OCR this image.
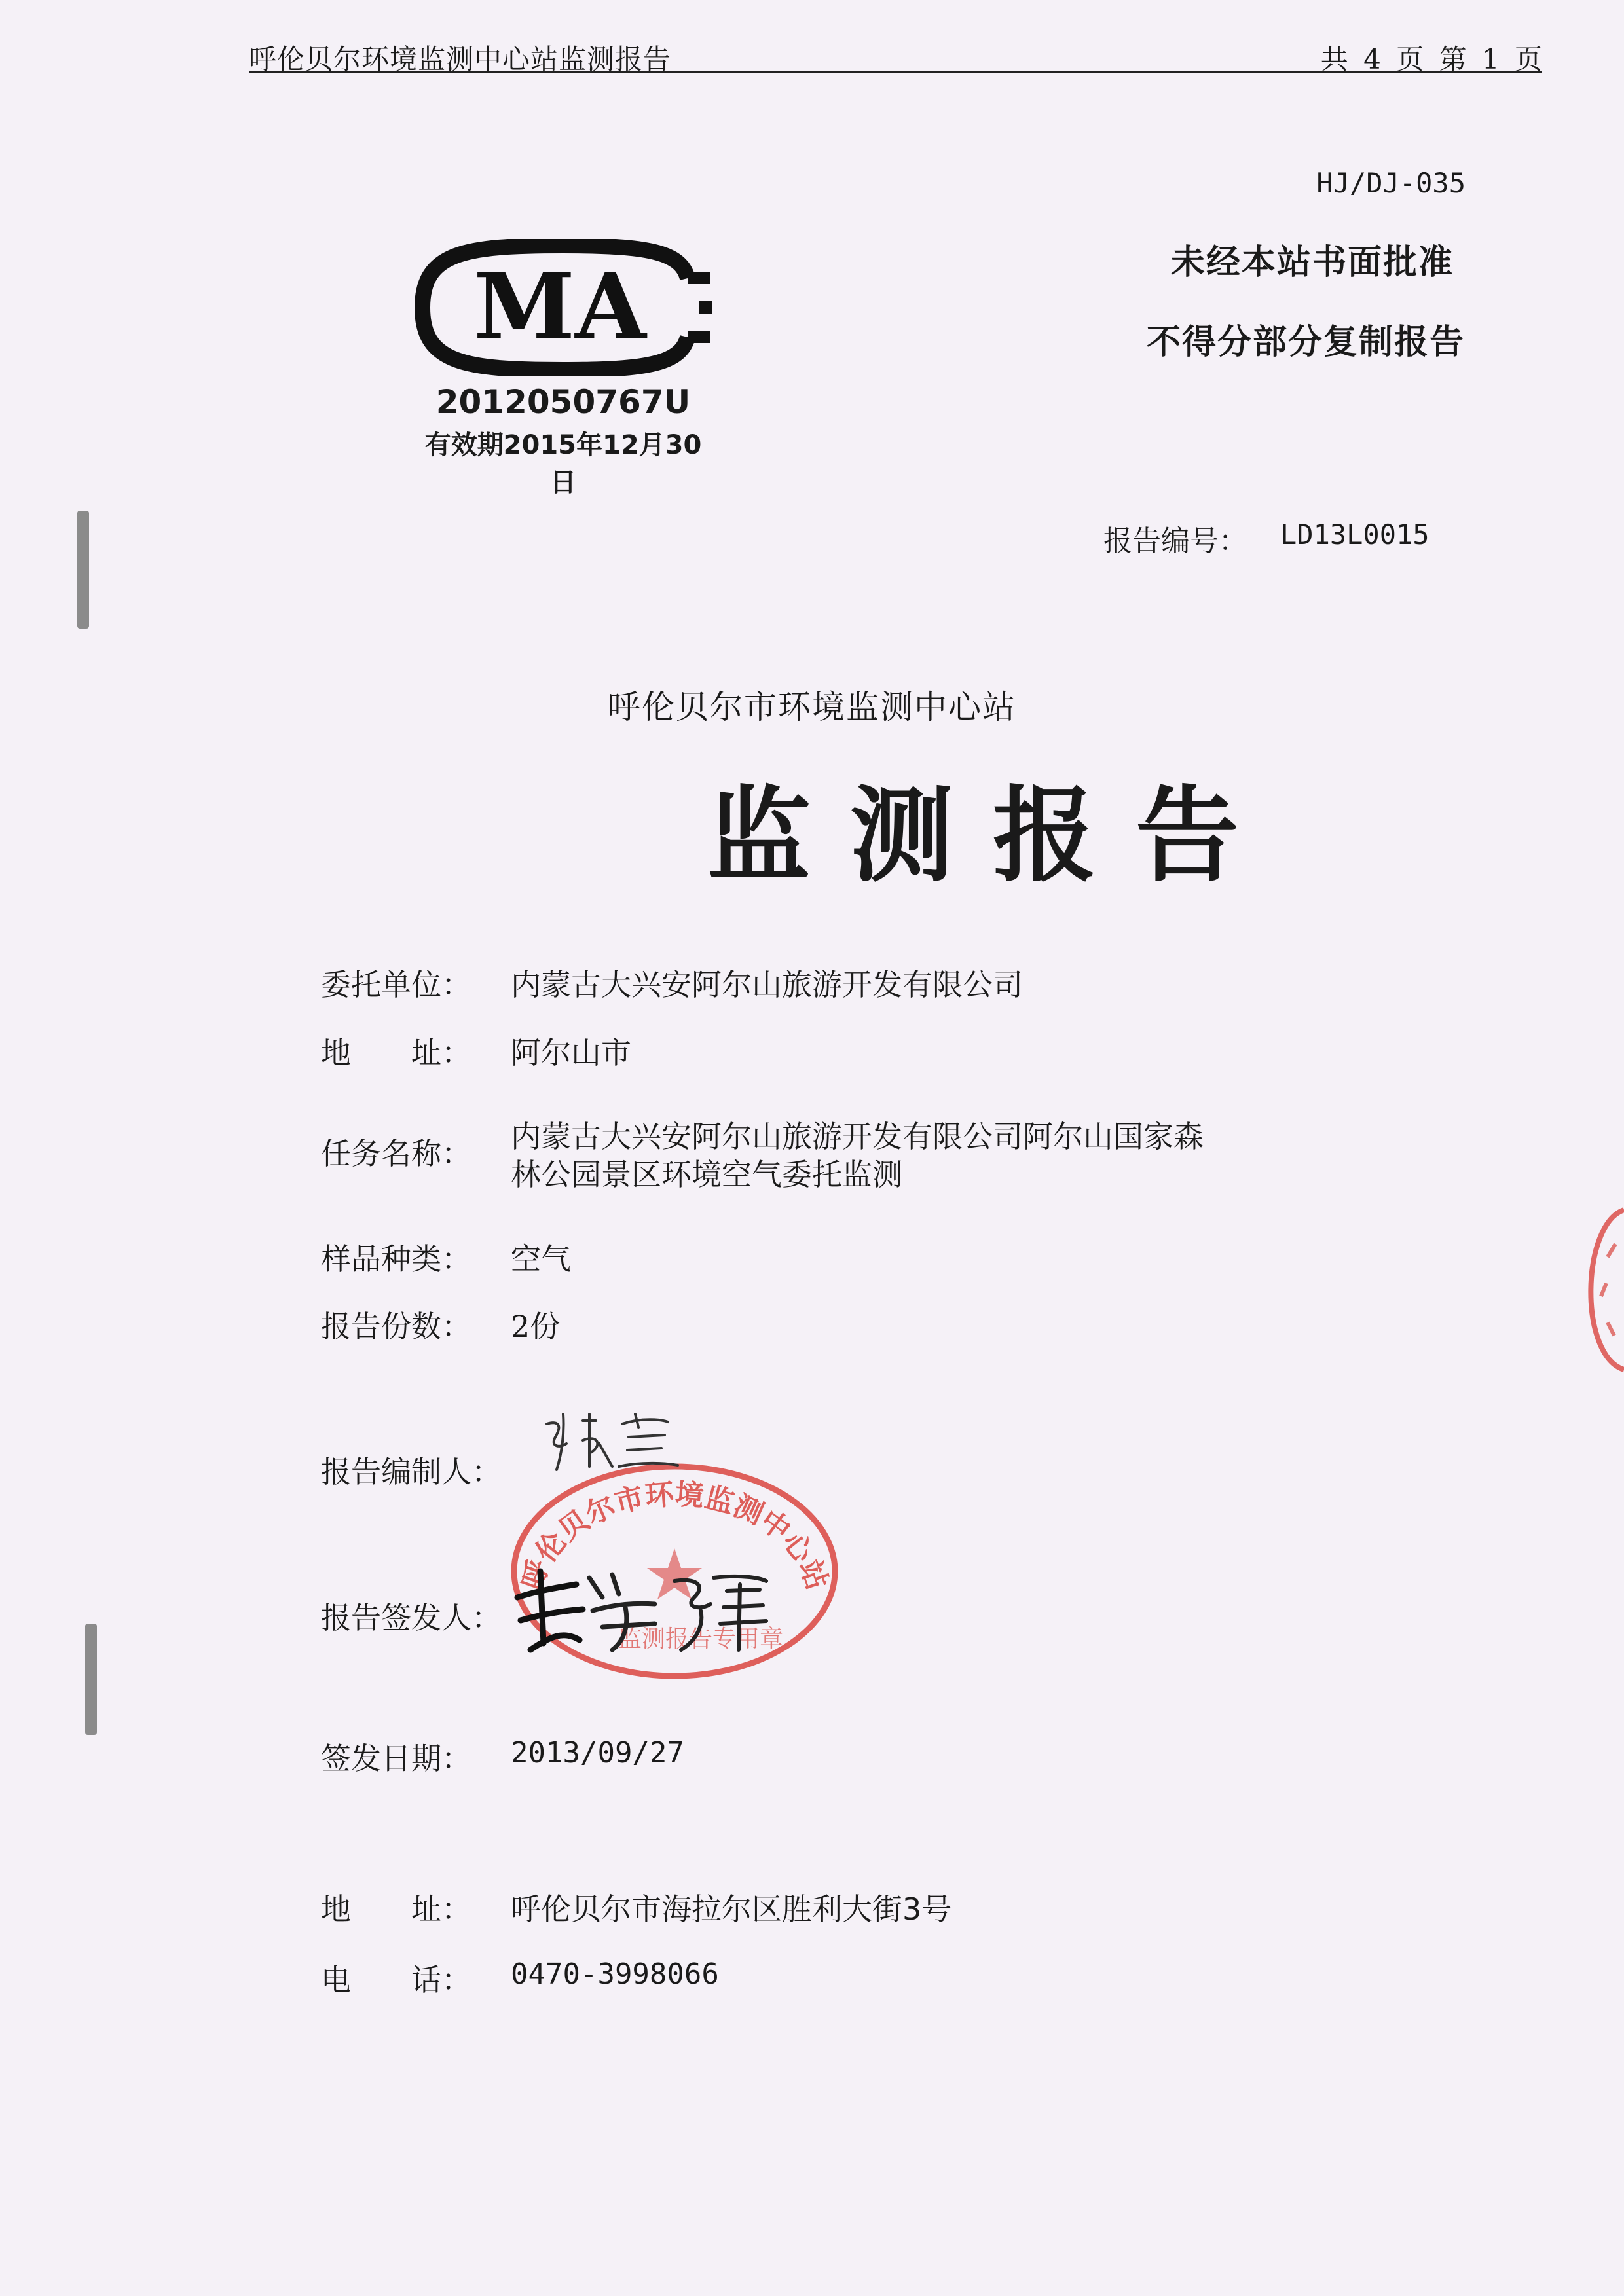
呼伦贝尔环境监测中心站监测报告	共 4 页 第 1 页
HJ/DJ-035
未经本站书面批准
不得分部分复制报告
MA
2012050767U
有效期2015年12月30日
报告编号： LD13L0015
呼伦贝尔市环境监测中心站
监测报告
委托单位： 内蒙古大兴安阿尔山旅游开发有限公司
地　　址： 阿尔山市
任务名称： 内蒙古大兴安阿尔山旅游开发有限公司阿尔山国家森
林公园景区环境空气委托监测
样品种类： 空气
报告份数： 2份
报告编制人：
报告签发人：
签发日期： 2013/09/27
地　　址： 呼伦贝尔市海拉尔区胜利大街3号
电　　话： 0470-3998066
呼伦贝尔市环境监测中心站
监测报告专用章
